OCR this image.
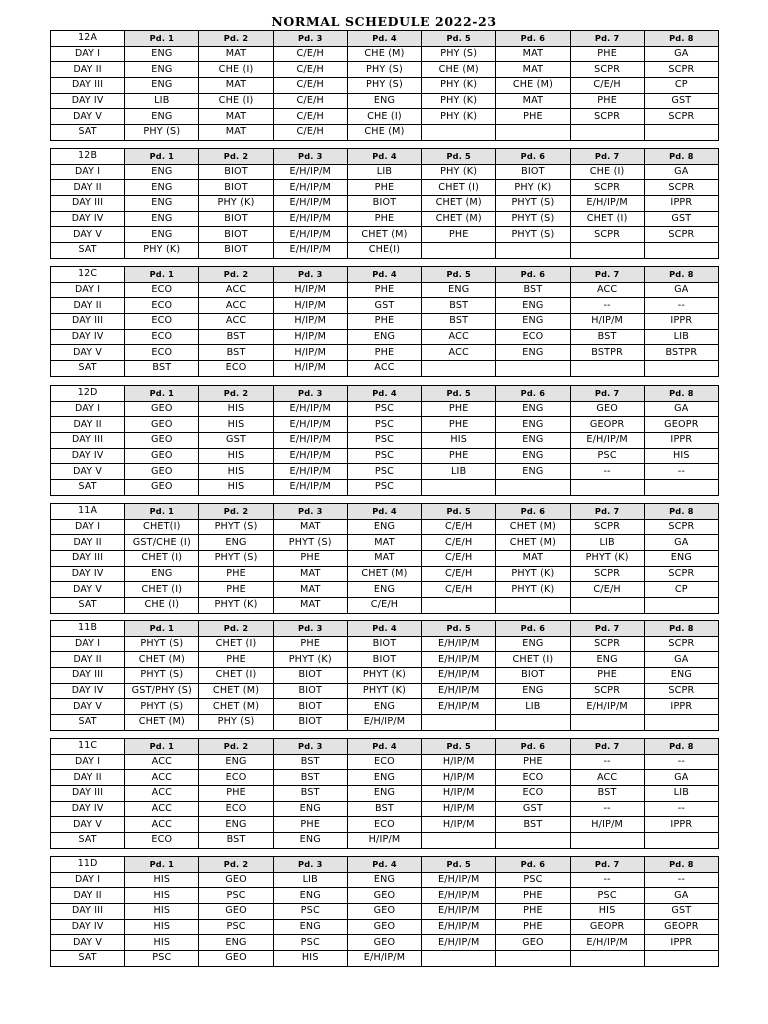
NORMAL SCHEDULE 2022-23
12A	Pd. 1	Pd. 2	Pd. 3	Pd. 4	Pd. 5	Pd. 6	Pd. 7	Pd. 8
DAY I	ENG	MAT	C/E/H	CHE (M)	PHY (S)	MAT	PHE	GA
DAY II	ENG	CHE (I)	C/E/H	PHY (S)	CHE (M)	MAT	SCPR	SCPR
DAY III	ENG	MAT	C/E/H	PHY (S)	PHY (K)	CHE (M)	C/E/H	CP
DAY IV	LIB	CHE (I)	C/E/H	ENG	PHY (K)	MAT	PHE	GST
DAY V	ENG	MAT	C/E/H	CHE (I)	PHY (K)	PHE	SCPR	SCPR
SAT	PHY (S)	MAT	C/E/H	CHE (M)				
12B	Pd. 1	Pd. 2	Pd. 3	Pd. 4	Pd. 5	Pd. 6	Pd. 7	Pd. 8
DAY I	ENG	BIOT	E/H/IP/M	LIB	PHY (K)	BIOT	CHE (I)	GA
DAY II	ENG	BIOT	E/H/IP/M	PHE	CHET (I)	PHY (K)	SCPR	SCPR
DAY III	ENG	PHY (K)	E/H/IP/M	BIOT	CHET (M)	PHYT (S)	E/H/IP/M	IPPR
DAY IV	ENG	BIOT	E/H/IP/M	PHE	CHET (M)	PHYT (S)	CHET (I)	GST
DAY V	ENG	BIOT	E/H/IP/M	CHET (M)	PHE	PHYT (S)	SCPR	SCPR
SAT	PHY (K)	BIOT	E/H/IP/M	CHE(I)				
12C	Pd. 1	Pd. 2	Pd. 3	Pd. 4	Pd. 5	Pd. 6	Pd. 7	Pd. 8
DAY I	ECO	ACC	H/IP/M	PHE	ENG	BST	ACC	GA
DAY II	ECO	ACC	H/IP/M	GST	BST	ENG	--	--
DAY III	ECO	ACC	H/IP/M	PHE	BST	ENG	H/IP/M	IPPR
DAY IV	ECO	BST	H/IP/M	ENG	ACC	ECO	BST	LIB
DAY V	ECO	BST	H/IP/M	PHE	ACC	ENG	BSTPR	BSTPR
SAT	BST	ECO	H/IP/M	ACC				
12D	Pd. 1	Pd. 2	Pd. 3	Pd. 4	Pd. 5	Pd. 6	Pd. 7	Pd. 8
DAY I	GEO	HIS	E/H/IP/M	PSC	PHE	ENG	GEO	GA
DAY II	GEO	HIS	E/H/IP/M	PSC	PHE	ENG	GEOPR	GEOPR
DAY III	GEO	GST	E/H/IP/M	PSC	HIS	ENG	E/H/IP/M	IPPR
DAY IV	GEO	HIS	E/H/IP/M	PSC	PHE	ENG	PSC	HIS
DAY V	GEO	HIS	E/H/IP/M	PSC	LIB	ENG	--	--
SAT	GEO	HIS	E/H/IP/M	PSC				
11A	Pd. 1	Pd. 2	Pd. 3	Pd. 4	Pd. 5	Pd. 6	Pd. 7	Pd. 8
DAY I	CHET(I)	PHYT (S)	MAT	ENG	C/E/H	CHET (M)	SCPR	SCPR
DAY II	GST/CHE (I)	ENG	PHYT (S)	MAT	C/E/H	CHET (M)	LIB	GA
DAY III	CHET (I)	PHYT (S)	PHE	MAT	C/E/H	MAT	PHYT (K)	ENG
DAY IV	ENG	PHE	MAT	CHET (M)	C/E/H	PHYT (K)	SCPR	SCPR
DAY V	CHET (I)	PHE	MAT	ENG	C/E/H	PHYT (K)	C/E/H	CP
SAT	CHE (I)	PHYT (K)	MAT	C/E/H				
11B	Pd. 1	Pd. 2	Pd. 3	Pd. 4	Pd. 5	Pd. 6	Pd. 7	Pd. 8
DAY I	PHYT (S)	CHET (I)	PHE	BIOT	E/H/IP/M	ENG	SCPR	SCPR
DAY II	CHET (M)	PHE	PHYT (K)	BIOT	E/H/IP/M	CHET (I)	ENG	GA
DAY III	PHYT (S)	CHET (I)	BIOT	PHYT (K)	E/H/IP/M	BIOT	PHE	ENG
DAY IV	GST/PHY (S)	CHET (M)	BIOT	PHYT (K)	E/H/IP/M	ENG	SCPR	SCPR
DAY V	PHYT (S)	CHET (M)	BIOT	ENG	E/H/IP/M	LIB	E/H/IP/M	IPPR
SAT	CHET (M)	PHY (S)	BIOT	E/H/IP/M				
11C	Pd. 1	Pd. 2	Pd. 3	Pd. 4	Pd. 5	Pd. 6	Pd. 7	Pd. 8
DAY I	ACC	ENG	BST	ECO	H/IP/M	PHE	--	--
DAY II	ACC	ECO	BST	ENG	H/IP/M	ECO	ACC	GA
DAY III	ACC	PHE	BST	ENG	H/IP/M	ECO	BST	LIB
DAY IV	ACC	ECO	ENG	BST	H/IP/M	GST	--	--
DAY V	ACC	ENG	PHE	ECO	H/IP/M	BST	H/IP/M	IPPR
SAT	ECO	BST	ENG	H/IP/M				
11D	Pd. 1	Pd. 2	Pd. 3	Pd. 4	Pd. 5	Pd. 6	Pd. 7	Pd. 8
DAY I	HIS	GEO	LIB	ENG	E/H/IP/M	PSC	--	--
DAY II	HIS	PSC	ENG	GEO	E/H/IP/M	PHE	PSC	GA
DAY III	HIS	GEO	PSC	GEO	E/H/IP/M	PHE	HIS	GST
DAY IV	HIS	PSC	ENG	GEO	E/H/IP/M	PHE	GEOPR	GEOPR
DAY V	HIS	ENG	PSC	GEO	E/H/IP/M	GEO	E/H/IP/M	IPPR
SAT	PSC	GEO	HIS	E/H/IP/M				
